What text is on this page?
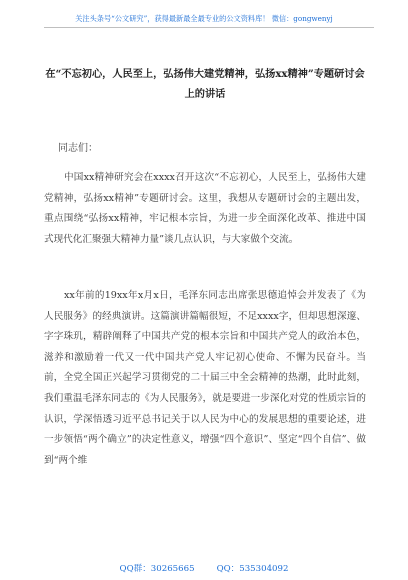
关注头条号“公文研究”，获得最新最全最专业的公文资料库！ 微信：gongwenyj
在“不忘初心，人民至上，弘扬伟大建党精神，弘扬xx精神”专题研讨会上的讲话
同志们：

中国xx精神研究会在xxxx召开这次“不忘初心，人民至上，弘扬伟大建党精神，弘扬xx精神”专题研讨会。这里，我想从专题研讨会的主题出发，重点围绕“弘扬xx精神，牢记根本宗旨，为进一步全面深化改革、推进中国式现代化汇聚强大精神力量”谈几点认识，与大家做个交流。

xx年前的19xx年x月x日，毛泽东同志出席张思德追悼会并发表了《为人民服务》的经典演讲。这篇演讲篇幅很短，不足xxxx字，但却思想深邃、字字珠玑，精辟阐释了中国共产党的根本宗旨和中国共产党人的政治本色，滋养和激励着一代又一代中国共产党人牢记初心使命、不懈为民奋斗。当前，全党全国正兴起学习贯彻党的二十届三中全会精神的热潮，此时此刻，我们重温毛泽东同志的《为人民服务》，就是要进一步深化对党的性质宗旨的认识，学深悟透习近平总书记关于以人民为中心的发展思想的重要论述，进一步领悟“两个确立”的决定性意义，增强“四个意识”、坚定“四个自信”、做到“两个维

QQ群：30265665	QQ：535304092
